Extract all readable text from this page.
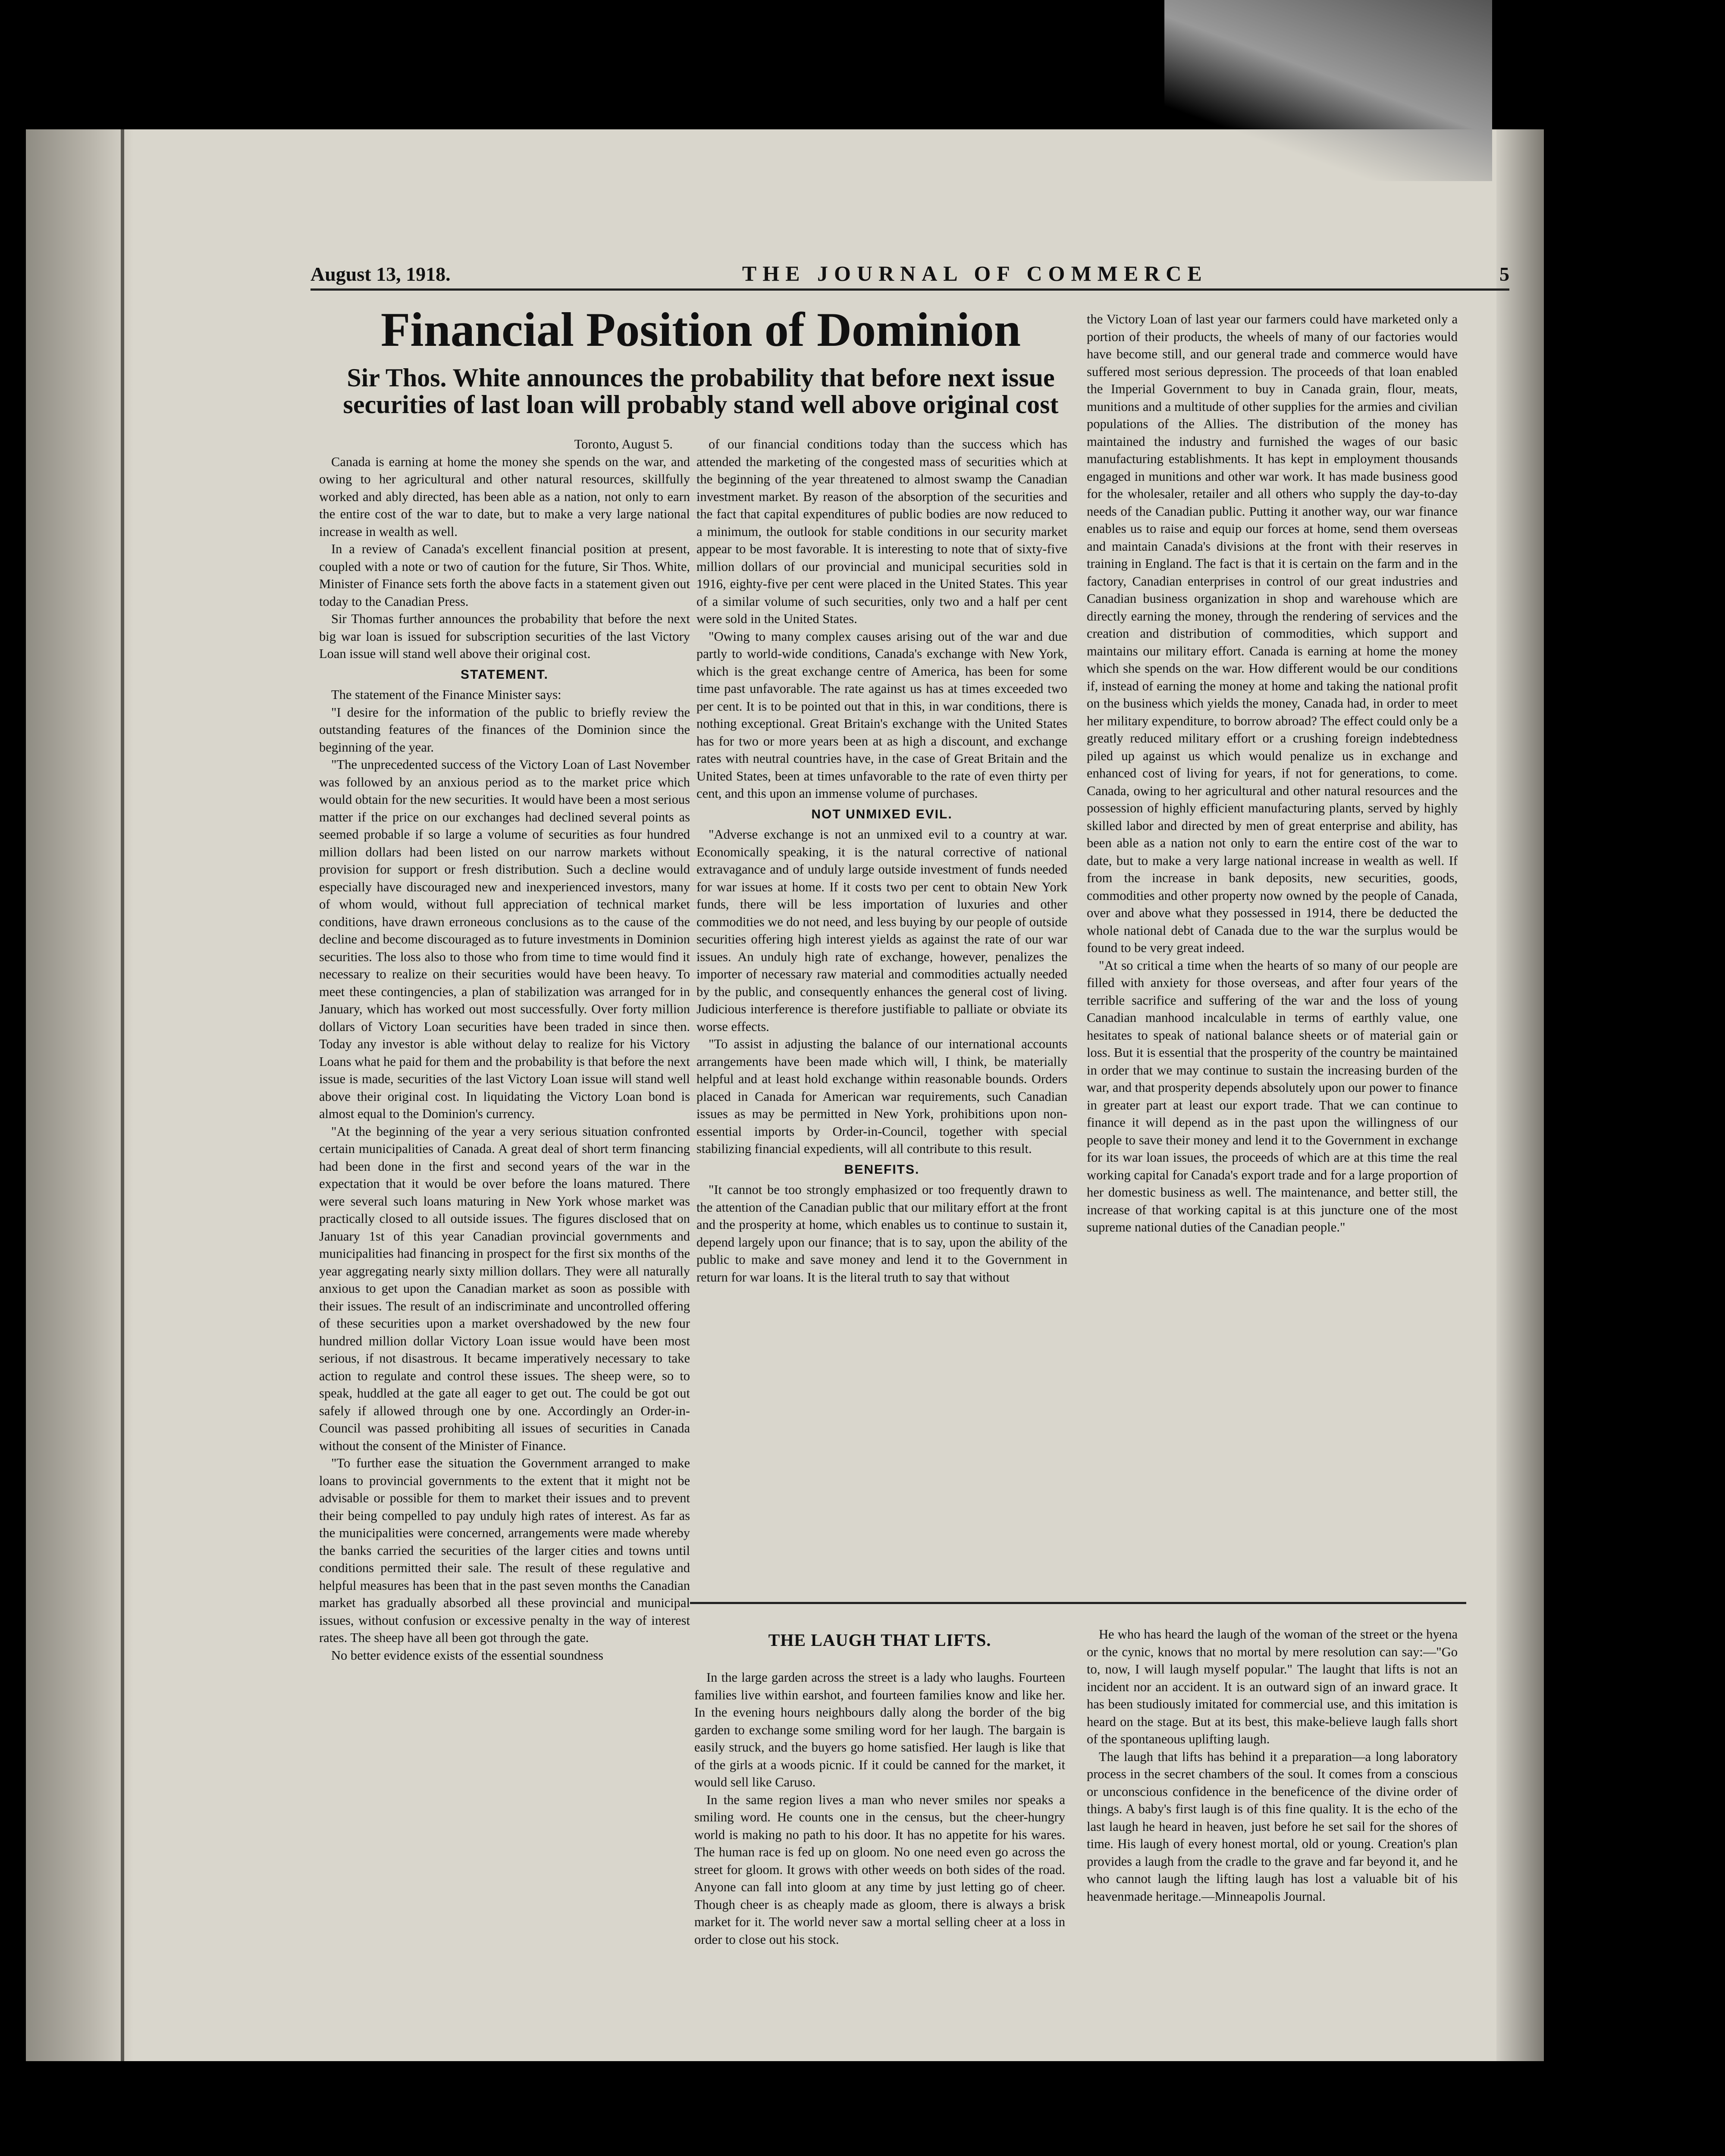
August 13, 1918.	THE JOURNAL OF COMMERCE	5
Financial Position of Dominion
Sir Thos. White announces the probability that before next issue securities of last loan will probably stand well above original cost

Toronto, August 5.

Canada is earning at home the money she spends on the war, and owing to her agricultural and other natural resources, skillfully worked and ably directed, has been able as a nation, not only to earn the entire cost of the war to date, but to make a very large national increase in wealth as well.

In a review of Canada's excellent financial position at present, coupled with a note or two of caution for the future, Sir Thos. White, Minister of Finance sets forth the above facts in a statement given out today to the Canadian Press.

Sir Thomas further announces the probability that before the next big war loan is issued for subscription securities of the last Victory Loan issue will stand well above their original cost.

STATEMENT.

The statement of the Finance Minister says:

"I desire for the information of the public to briefly review the outstanding features of the finances of the Dominion since the beginning of the year.

"The unprecedented success of the Victory Loan of Last November was followed by an anxious period as to the market price which would obtain for the new securities. It would have been a most serious matter if the price on our exchanges had declined several points as seemed probable if so large a volume of securities as four hundred million dollars had been listed on our narrow markets without provision for support or fresh distribution. Such a decline would especially have discouraged new and inexperienced investors, many of whom would, without full appreciation of technical market conditions, have drawn erroneous conclusions as to the cause of the decline and become discouraged as to future investments in Dominion securities. The loss also to those who from time to time would find it necessary to realize on their securities would have been heavy. To meet these contingencies, a plan of stabilization was arranged for in January, which has worked out most successfully. Over forty million dollars of Victory Loan securities have been traded in since then. Today any investor is able without delay to realize for his Victory Loans what he paid for them and the probability is that before the next issue is made, securities of the last Victory Loan issue will stand well above their original cost. In liquidating the Victory Loan bond is almost equal to the Dominion's currency.

"At the beginning of the year a very serious situation confronted certain municipalities of Canada. A great deal of short term financing had been done in the first and second years of the war in the expectation that it would be over before the loans matured. There were several such loans maturing in New York whose market was practically closed to all outside issues. The figures disclosed that on January 1st of this year Canadian provincial governments and municipalities had financing in prospect for the first six months of the year aggregating nearly sixty million dollars. They were all naturally anxious to get upon the Canadian market as soon as possible with their issues. The result of an indiscriminate and uncontrolled offering of these securities upon a market overshadowed by the new four hundred million dollar Victory Loan issue would have been most serious, if not disastrous. It became imperatively necessary to take action to regulate and control these issues. The sheep were, so to speak, huddled at the gate all eager to get out. The could be got out safely if allowed through one by one. Accordingly an Order-in-Council was passed prohibiting all issues of securities in Canada without the consent of the Minister of Finance.

"To further ease the situation the Government arranged to make loans to provincial governments to the extent that it might not be advisable or possible for them to market their issues and to prevent their being compelled to pay unduly high rates of interest. As far as the municipalities were concerned, arrangements were made whereby the banks carried the securities of the larger cities and towns until conditions permitted their sale. The result of these regulative and helpful measures has been that in the past seven months the Canadian market has gradually absorbed all these provincial and municipal issues, without confusion or excessive penalty in the way of interest rates. The sheep have all been got through the gate.

No better evidence exists of the essential soundness

of our financial conditions today than the success which has attended the marketing of the congested mass of securities which at the beginning of the year threatened to almost swamp the Canadian investment market. By reason of the absorption of the securities and the fact that capital expenditures of public bodies are now reduced to a minimum, the outlook for stable conditions in our security market appear to be most favorable. It is interesting to note that of sixty-five million dollars of our provincial and municipal securities sold in 1916, eighty-five per cent were placed in the United States. This year of a similar volume of such securities, only two and a half per cent were sold in the United States.

"Owing to many complex causes arising out of the war and due partly to world-wide conditions, Canada's exchange with New York, which is the great exchange centre of America, has been for some time past unfavorable. The rate against us has at times exceeded two per cent. It is to be pointed out that in this, in war conditions, there is nothing exceptional. Great Britain's exchange with the United States has for two or more years been at as high a discount, and exchange rates with neutral countries have, in the case of Great Britain and the United States, been at times unfavorable to the rate of even thirty per cent, and this upon an immense volume of purchases.

NOT UNMIXED EVIL.

"Adverse exchange is not an unmixed evil to a country at war. Economically speaking, it is the natural corrective of national extravagance and of unduly large outside investment of funds needed for war issues at home. If it costs two per cent to obtain New York funds, there will be less importation of luxuries and other commodities we do not need, and less buying by our people of outside securities offering high interest yields as against the rate of our war issues. An unduly high rate of exchange, however, penalizes the importer of necessary raw material and commodities actually needed by the public, and consequently enhances the general cost of living. Judicious interference is therefore justifiable to palliate or obviate its worse effects.

"To assist in adjusting the balance of our international accounts arrangements have been made which will, I think, be materially helpful and at least hold exchange within reasonable bounds. Orders placed in Canada for American war requirements, such Canadian issues as may be permitted in New York, prohibitions upon non-essential imports by Order-in-Council, together with special stabilizing financial expedients, will all contribute to this result.

BENEFITS.

"It cannot be too strongly emphasized or too frequently drawn to the attention of the Canadian public that our military effort at the front and the prosperity at home, which enables us to continue to sustain it, depend largely upon our finance; that is to say, upon the ability of the public to make and save money and lend it to the Government in return for war loans. It is the literal truth to say that without

the Victory Loan of last year our farmers could have marketed only a portion of their products, the wheels of many of our factories would have become still, and our general trade and commerce would have suffered most serious depression. The proceeds of that loan enabled the Imperial Government to buy in Canada grain, flour, meats, munitions and a multitude of other supplies for the armies and civilian populations of the Allies. The distribution of the money has maintained the industry and furnished the wages of our basic manufacturing establishments. It has kept in employment thousands engaged in munitions and other war work. It has made business good for the wholesaler, retailer and all others who supply the day-to-day needs of the Canadian public. Putting it another way, our war finance enables us to raise and equip our forces at home, send them overseas and maintain Canada's divisions at the front with their reserves in training in England. The fact is that it is certain on the farm and in the factory, Canadian enterprises in control of our great industries and Canadian business organization in shop and warehouse which are directly earning the money, through the rendering of services and the creation and distribution of commodities, which support and maintains our military effort. Canada is earning at home the money which she spends on the war. How different would be our conditions if, instead of earning the money at home and taking the national profit on the business which yields the money, Canada had, in order to meet her military expenditure, to borrow abroad? The effect could only be a greatly reduced military effort or a crushing foreign indebtedness piled up against us which would penalize us in exchange and enhanced cost of living for years, if not for generations, to come. Canada, owing to her agricultural and other natural resources and the possession of highly efficient manufacturing plants, served by highly skilled labor and directed by men of great enterprise and ability, has been able as a nation not only to earn the entire cost of the war to date, but to make a very large national increase in wealth as well. If from the increase in bank deposits, new securities, goods, commodities and other property now owned by the people of Canada, over and above what they possessed in 1914, there be deducted the whole national debt of Canada due to the war the surplus would be found to be very great indeed.

"At so critical a time when the hearts of so many of our people are filled with anxiety for those overseas, and after four years of the terrible sacrifice and suffering of the war and the loss of young Canadian manhood incalculable in terms of earthly value, one hesitates to speak of national balance sheets or of material gain or loss. But it is essential that the prosperity of the country be maintained in order that we may continue to sustain the increasing burden of the war, and that prosperity depends absolutely upon our power to finance in greater part at least our export trade. That we can continue to finance it will depend as in the past upon the willingness of our people to save their money and lend it to the Government in exchange for its war loan issues, the proceeds of which are at this time the real working capital for Canada's export trade and for a large proportion of her domestic business as well. The maintenance, and better still, the increase of that working capital is at this juncture one of the most supreme national duties of the Canadian people."

THE LAUGH THAT LIFTS.

In the large garden across the street is a lady who laughs. Fourteen families live within earshot, and fourteen families know and like her. In the evening hours neighbours dally along the border of the big garden to exchange some smiling word for her laugh. The bargain is easily struck, and the buyers go home satisfied. Her laugh is like that of the girls at a woods picnic. If it could be canned for the market, it would sell like Caruso.

In the same region lives a man who never smiles nor speaks a smiling word. He counts one in the census, but the cheer-hungry world is making no path to his door. It has no appetite for his wares. The human race is fed up on gloom. No one need even go across the street for gloom. It grows with other weeds on both sides of the road. Anyone can fall into gloom at any time by just letting go of cheer. Though cheer is as cheaply made as gloom, there is always a brisk market for it. The world never saw a mortal selling cheer at a loss in order to close out his stock.

He who has heard the laugh of the woman of the street or the hyena or the cynic, knows that no mortal by mere resolution can say:—"Go to, now, I will laugh myself popular." The laught that lifts is not an incident nor an accident. It is an outward sign of an inward grace. It has been studiously imitated for commercial use, and this imitation is heard on the stage. But at its best, this make-believe laugh falls short of the spontaneous uplifting laugh.

The laugh that lifts has behind it a preparation—a long laboratory process in the secret chambers of the soul. It comes from a conscious or unconscious confidence in the beneficence of the divine order of things. A baby's first laugh is of this fine quality. It is the echo of the last laugh he heard in heaven, just before he set sail for the shores of time. His laugh of every honest mortal, old or young. Creation's plan provides a laugh from the cradle to the grave and far beyond it, and he who cannot laugh the lifting laugh has lost a valuable bit of his heavenmade heritage.—Minneapolis Journal.
